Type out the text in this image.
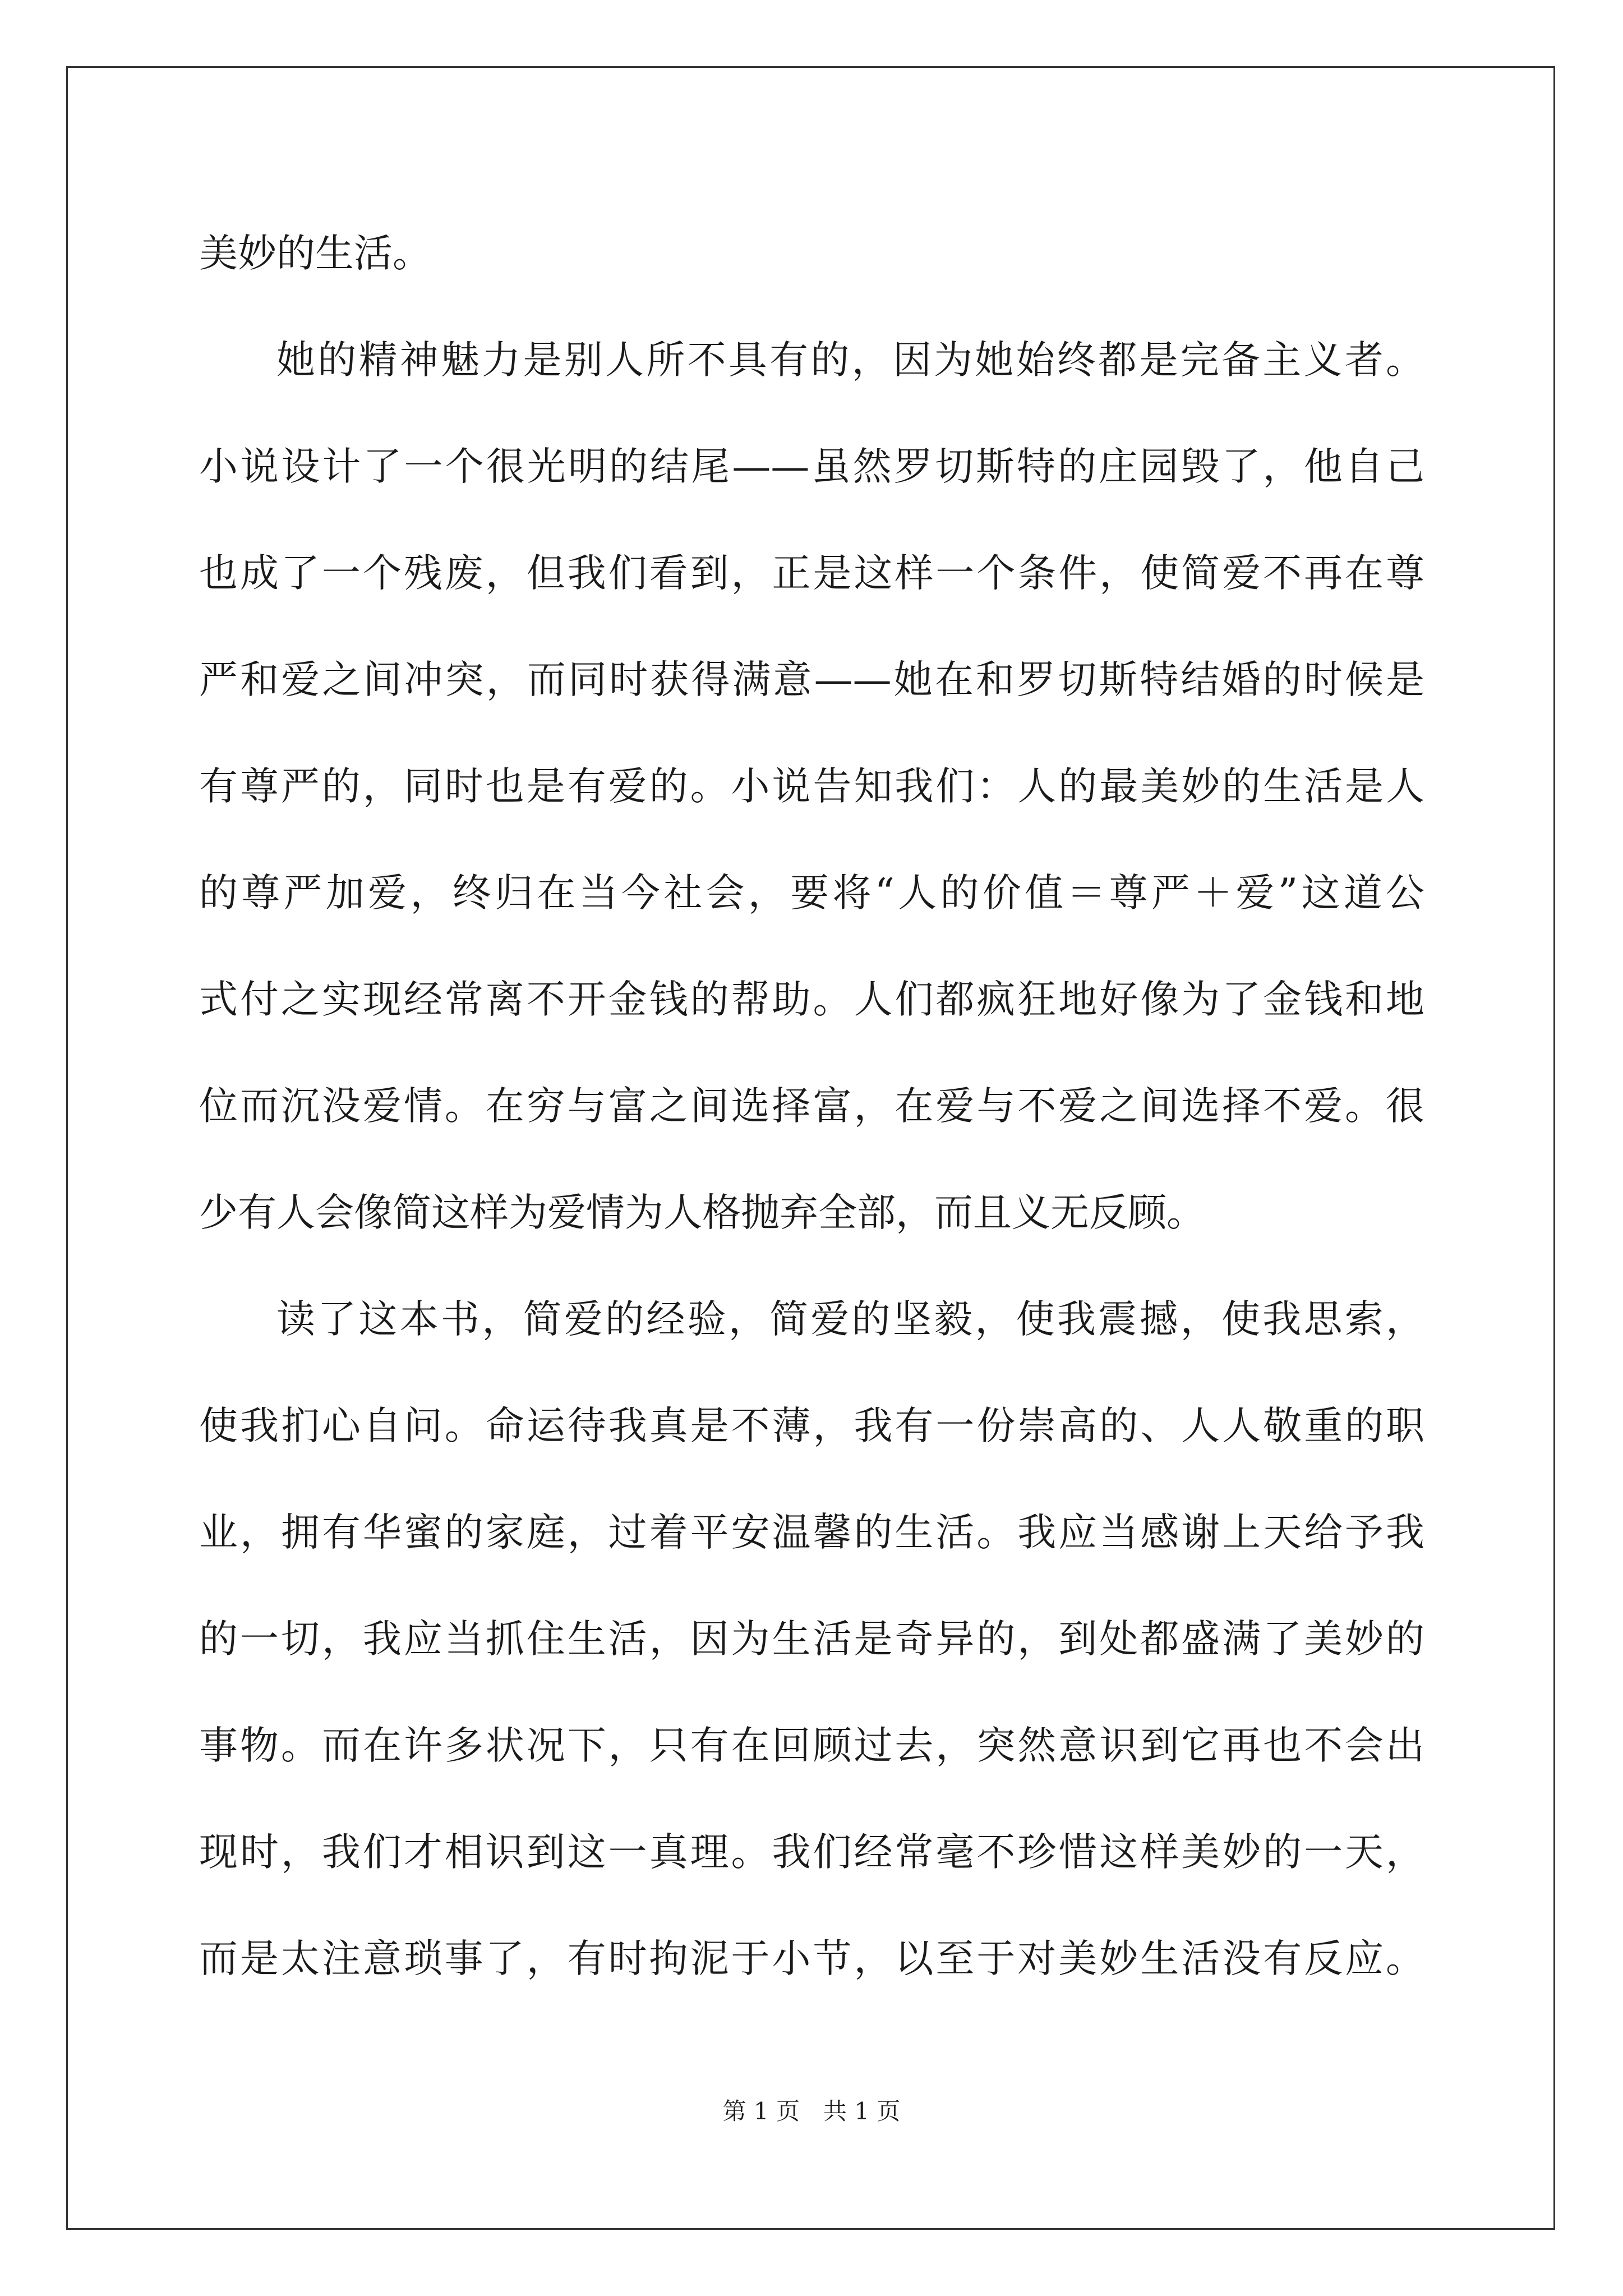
美妙的生活。
她的精神魅力是别人所不具有的，因为她始终都是完备主义者。
小说设计了一个很光明的结尾——虽然罗切斯特的庄园毁了，他自己
也成了一个残废，但我们看到，正是这样一个条件，使简爱不再在尊
严和爱之间冲突，而同时获得满意——她在和罗切斯特结婚的时候是
有尊严的，同时也是有爱的。小说告知我们：人的最美妙的生活是人
的尊严加爱，终归在当今社会，要将“人的价值＝尊严＋爱”这道公
式付之实现经常离不开金钱的帮助。人们都疯狂地好像为了金钱和地
位而沉没爱情。在穷与富之间选择富，在爱与不爱之间选择不爱。很
少有人会像简这样为爱情为人格抛弃全部，而且义无反顾。
读了这本书，简爱的经验，简爱的坚毅，使我震撼，使我思索，
使我扪心自问。命运待我真是不薄，我有一份崇高的、人人敬重的职
业，拥有华蜜的家庭，过着平安温馨的生活。我应当感谢上天给予我
的一切，我应当抓住生活，因为生活是奇异的，到处都盛满了美妙的
事物。而在许多状况下，只有在回顾过去，突然意识到它再也不会出
现时，我们才相识到这一真理。我们经常毫不珍惜这样美妙的一天，
而是太注意琐事了，有时拘泥于小节，以至于对美妙生活没有反应。
第 1 页　共 1 页
